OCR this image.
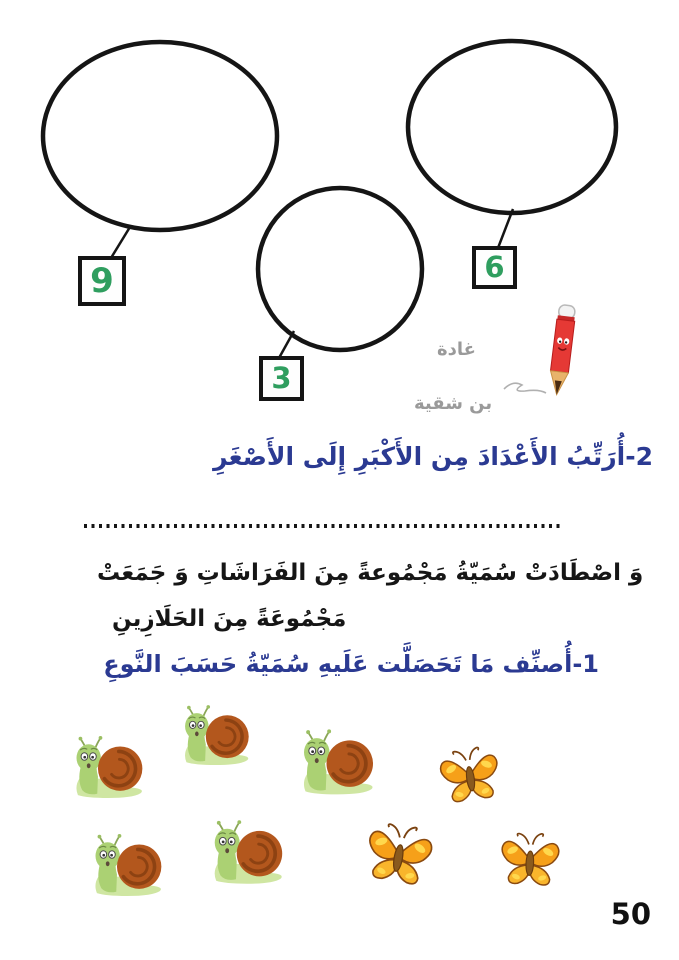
9	6
3
غادة
بن شقية
2-أُرَتِّبُ الأَعْدَادَ مِن الأَكْبَرِ إِلَى الأَصْغَرِ
وَ اصْطَادَتْ سُمَيّةُ مَجْمُوعةً مِنَ الفَرَاشَاتِ وَ جَمَعَتْ
مَجْمُوعَةً مِنَ الحَلَازِينِ
1-أُصنِّف مَا تَحَصَلَّت عَلَيهِ سُمَيّةُ حَسَبَ النَّوعِ
50
